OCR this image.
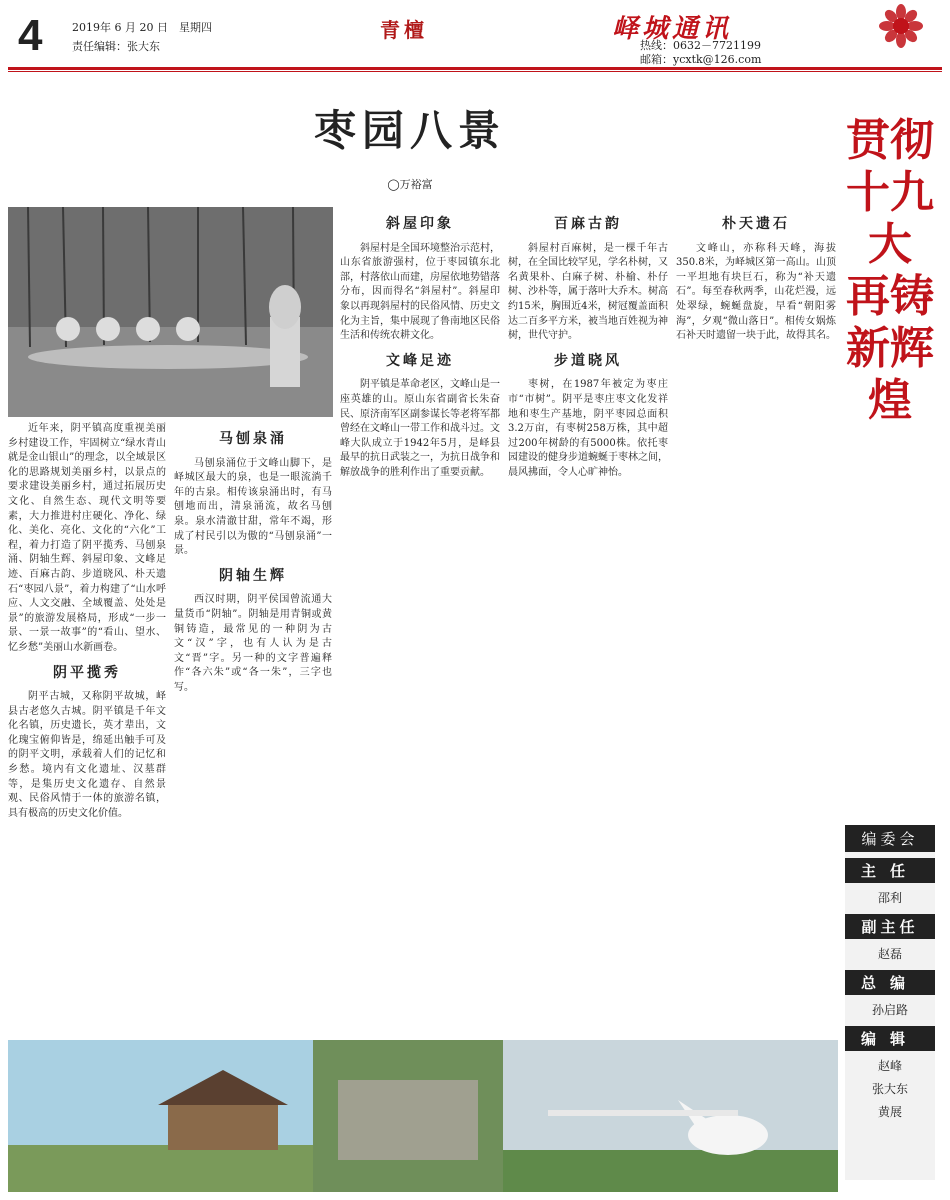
4	2019年 6 月 20 日　星期四
责任编辑：张大东
青檀	峄城通讯
热线：0632－7721199
邮箱：ycxtk@126.com
枣园八景
◯万裕富

近年来，阴平镇高度重视美丽乡村建设工作，牢固树立“绿水青山就是金山银山”的理念，以全域景区化的思路规划美丽乡村，以景点的要求建设美丽乡村，通过拓展历史文化、自然生态、现代文明等要素，大力推进村庄硬化、净化、绿化、美化、亮化、文化的“六化”工程，着力打造了阴平揽秀、马刨泉涌、阴轴生辉、斜屋印象、文峰足迹、百麻古韵、步道晓风、朴天遗石“枣园八景”，着力构建了“山水呼应、人文交融、全域覆盖、处处是景”的旅游发展格局，形成“一步一景、一景一故事”的“看山、望水、忆乡愁”美丽山水新画卷。

阴平揽秀

阴平古城，又称阴平故城，峄县古老悠久古城。阴平镇是千年文化名镇，历史遗长，英才辈出，文化瑰宝俯仰皆是，绵延出触手可及的阴平文明，承载着人们的记忆和乡愁。境内有文化遗址、汉墓群等，是集历史文化遗存、自然景观、民俗风情于一体的旅游名镇，具有极高的历史文化价值。

马刨泉涌

马刨泉涌位于文峰山脚下，是峄城区最大的泉，也是一眼流淌千年的古泉。相传该泉涌出时，有马刨地而出，清泉涌流，故名马刨泉。泉水清澈甘甜，常年不竭，形成了村民引以为傲的“马刨泉涌”一景。

阴轴生辉

西汉时期，阴平侯国曾流通大量货币“阴轴”。阴轴是用青铜或黄铜铸造，最常见的一种阴为古文“汉”字，也有人认为是古文“晋”字。另一种的文字普遍释作“各六朱”或“各一朱”，三字也写。

斜屋印象

斜屋村是全国环境整治示范村，山东省旅游强村，位于枣园镇东北部，村落依山而建，房屋依地势错落分布，因而得名“斜屋村”。斜屋印象以再现斜屋村的民俗风情、历史文化为主旨，集中展现了鲁南地区民俗生活和传统农耕文化。

文峰足迹

阴平镇是革命老区，文峰山是一座英雄的山。原山东省副省长朱奋民、原济南军区副参谋长等老将军都曾经在文峰山一带工作和战斗过。文峰大队成立于1942年5月，是峄县最早的抗日武装之一，为抗日战争和解放战争的胜利作出了重要贡献。

百麻古韵

斜屋村百麻树，是一棵千年古树，在全国比较罕见，学名朴树，又名黄果朴、白麻子树、朴榆、朴仔树、沙朴等，属于落叶大乔木。树高约15米，胸围近4米，树冠覆盖面积达二百多平方米，被当地百姓视为神树，世代守护。

步道晓风

枣树，在1987年被定为枣庄市“市树”。阴平是枣庄枣文化发祥地和枣生产基地，阴平枣园总面积3.2万亩，有枣树258万株，其中超过200年树龄的有5000株。依托枣园建设的健身步道蜿蜒于枣林之间，晨风拂面，令人心旷神怡。

朴天遗石

文峰山，亦称科天峰，海拔350.8米，为峄城区第一高山。山顶一平坦地有块巨石，称为“补天遗石”。每至春秋两季，山花烂漫，远处翠绿，蜿蜒盘旋，早看“朝阳雾海”，夕观“微山落日”。相传女娲炼石补天时遗留一块于此，故得其名。

贯彻十九大 再铸新辉煌
编委会
主任

邵利

副主任

赵磊

总编

孙启路

编辑

赵峰

张大东

黄展
